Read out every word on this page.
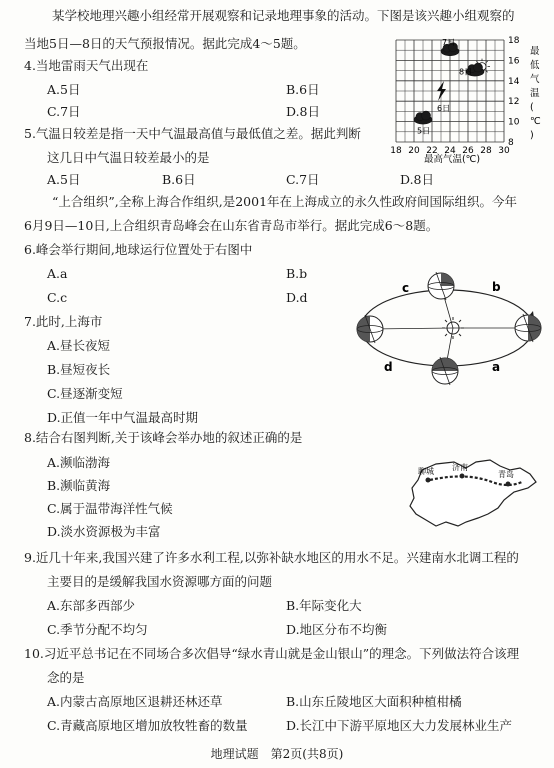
某学校地理兴趣小组经常开展观察和记录地理事象的活动。下图是该兴趣小组观察的
当地5日—8日的天气预报情况。据此完成4～5题。
4.当地雷雨天气出现在
A.5日	B.6日
C.7日	D.8日
5.气温日较差是指一天中气温最高值与最低值之差。据此判断
这几日中气温日较差最小的是
A.5日	B.6日	C.7日	D.8日
18 20 22 24 26 28 30
8
10
12
14
16
18
5日
6日
7日
8日
最高气温(℃)
最低气温( ℃ )
“上合组织”,全称上海合作组织,是2001年在上海成立的永久性政府间国际组织。今年
6月9日—10日,上合组织青岛峰会在山东省青岛市举行。据此完成6～8题。
6.峰会举行期间,地球运行位置处于右图中
A.a	B.b
C.c	D.d
7.此时,上海市
A.昼长夜短
B.昼短夜长
C.昼逐渐变短
D.正值一年中气温最高时期
c	b
d	a
8.结合右图判断,关于该峰会举办地的叙述正确的是
A.濒临渤海
B.濒临黄海
C.属于温带海洋性气候
D.淡水资源极为丰富
聊城 济南
青岛
9.近几十年来,我国兴建了许多水利工程,以弥补缺水地区的用水不足。兴建南水北调工程的
主要目的是缓解我国水资源哪方面的问题
A.东部多西部少	B.年际变化大
C.季节分配不均匀	D.地区分布不均衡
10.习近平总书记在不同场合多次倡导“绿水青山就是金山银山”的理念。下列做法符合该理
念的是
A.内蒙古高原地区退耕还林还草	B.山东丘陵地区大面积种植柑橘
C.青藏高原地区增加放牧牲畜的数量	D.长江中下游平原地区大力发展林业生产
地理试题　第2页(共8页)
